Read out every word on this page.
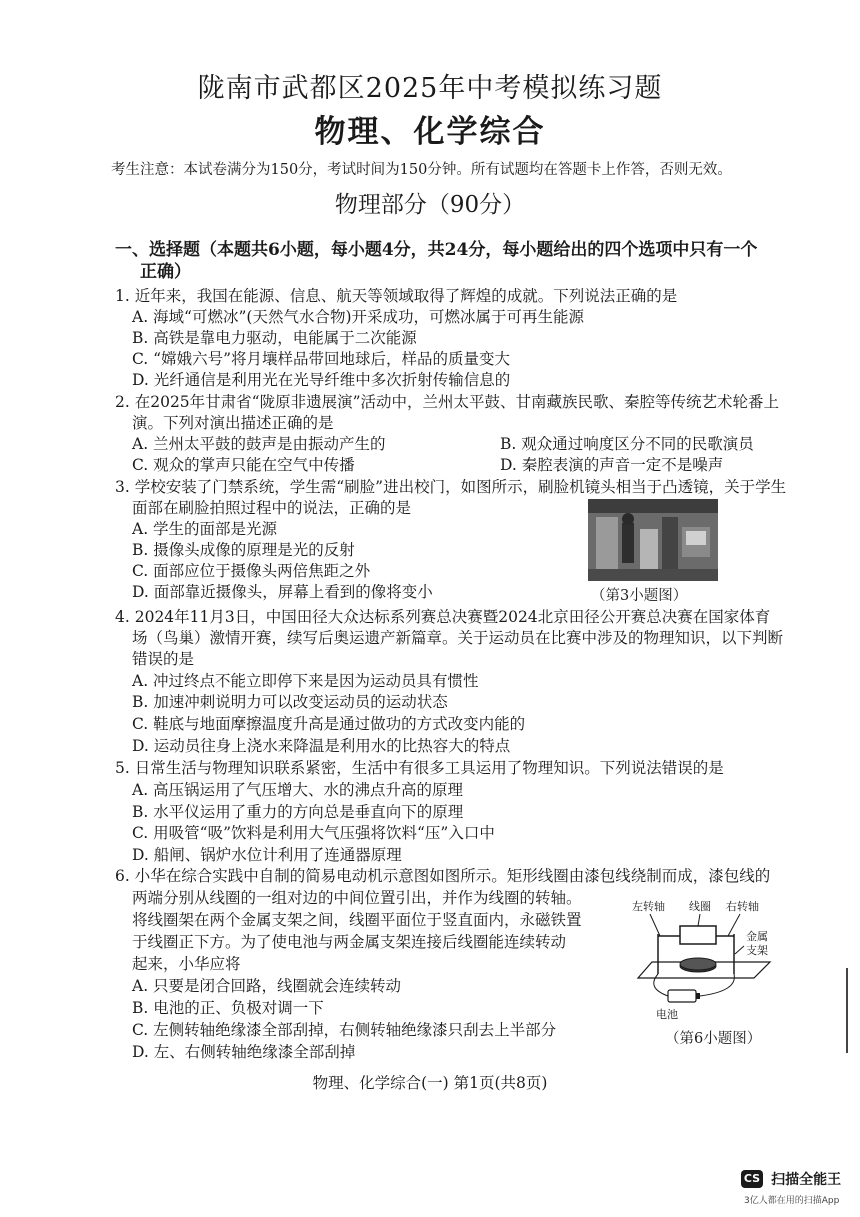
陇南市武都区2025年中考模拟练习题
物理、化学综合
考生注意：本试卷满分为150分，考试时间为150分钟。所有试题均在答题卡上作答，否则无效。
物理部分（90分）
一、选择题（本题共6小题，每小题4分，共24分，每小题给出的四个选项中只有一个
正确）
1. 近年来，我国在能源、信息、航天等领域取得了辉煌的成就。下列说法正确的是
A. 海域“可燃冰”(天然气水合物)开采成功，可燃冰属于可再生能源
B. 高铁是靠电力驱动，电能属于二次能源
C. “嫦娥六号”将月壤样品带回地球后，样品的质量变大
D. 光纤通信是利用光在光导纤维中多次折射传输信息的
2. 在2025年甘肃省“陇原非遗展演”活动中，兰州太平鼓、甘南藏族民歌、秦腔等传统艺术轮番上
演。下列对演出描述正确的是
A. 兰州太平鼓的鼓声是由振动产生的	B. 观众通过响度区分不同的民歌演员
C. 观众的掌声只能在空气中传播	D. 秦腔表演的声音一定不是噪声
3. 学校安装了门禁系统，学生需“刷脸”进出校门，如图所示，刷脸机镜头相当于凸透镜，关于学生
面部在刷脸拍照过程中的说法，正确的是
A. 学生的面部是光源
B. 摄像头成像的原理是光的反射
C. 面部应位于摄像头两倍焦距之外
D. 面部靠近摄像头，屏幕上看到的像将变小	（第3小题图）
4. 2024年11月3日，中国田径大众达标系列赛总决赛暨2024北京田径公开赛总决赛在国家体育
场（鸟巢）激情开赛，续写后奥运遗产新篇章。关于运动员在比赛中涉及的物理知识，以下判断
错误的是
A. 冲过终点不能立即停下来是因为运动员具有惯性
B. 加速冲刺说明力可以改变运动员的运动状态
C. 鞋底与地面摩擦温度升高是通过做功的方式改变内能的
D. 运动员往身上浇水来降温是利用水的比热容大的特点
5. 日常生活与物理知识联系紧密，生活中有很多工具运用了物理知识。下列说法错误的是
A. 高压锅运用了气压增大、水的沸点升高的原理
B. 水平仪运用了重力的方向总是垂直向下的原理
C. 用吸管“吸”饮料是利用大气压强将饮料“压”入口中
D. 船闸、锅炉水位计利用了连通器原理
6. 小华在综合实践中自制的简易电动机示意图如图所示。矩形线圈由漆包线绕制而成，漆包线的
两端分别从线圈的一组对边的中间位置引出，并作为线圈的转轴。
将线圈架在两个金属支架之间，线圈平面位于竖直面内，永磁铁置
于线圈正下方。为了使电池与两金属支架连接后线圈能连续转动
起来，小华应将
A. 只要是闭合回路，线圈就会连续转动
B. 电池的正、负极对调一下
C. 左侧转轴绝缘漆全部刮掉，右侧转轴绝缘漆只刮去上半部分
D. 左、右侧转轴绝缘漆全部刮掉
左转轴 线圈 右转轴
金属
支架
电池
（第6小题图）
物理、化学综合(一) 第1页(共8页)
CS 扫描全能王
3亿人都在用的扫描App
